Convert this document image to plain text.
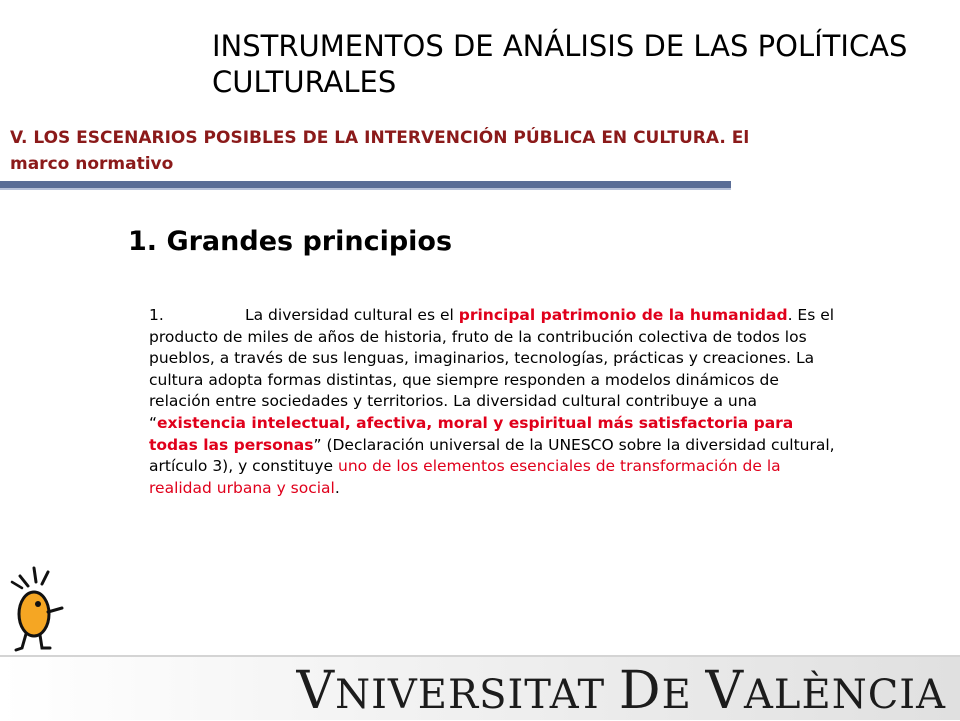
INSTRUMENTOS DE ANÁLISIS DE LAS POLÍTICAS CULTURALES
V. LOS ESCENARIOS POSIBLES DE LA INTERVENCIÓN PÚBLICA EN CULTURA. El marco normativo
1. Grandes principios

1.	La diversidad cultural es el principal patrimonio de la humanidad. Es el producto de miles de años de historia, fruto de la contribución colectiva de todos los pueblos, a través de sus lenguas, imaginarios, tecnologías, prácticas y creaciones. La cultura adopta formas distintas, que siempre responden a modelos dinámicos de relación entre sociedades y territorios. La diversidad cultural contribuye a una “existencia intelectual, afectiva, moral y espiritual más satisfactoria para todas las personas” (Declaración universal de la UNESCO sobre la diversidad cultural, artículo 3), y constituye uno de los elementos esenciales de transformación de la realidad urbana y social.

VNIVERSITAT DE VALÈNCIA
